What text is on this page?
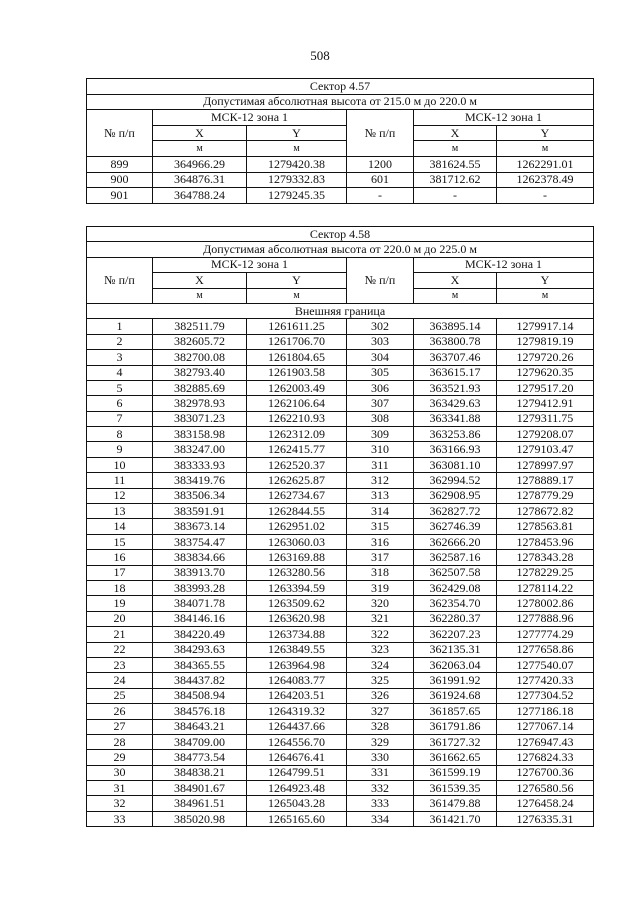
508
Сектор 4.57					
Допустимая абсолютная высота от 215.0 м до 220.0 м					
№ п/п	МСК-12 зона 1		№ п/п	МСК-12 зона 1	
	X	Y		X	Y
	м	м		м	м
899	364966.29	1279420.38	1200	381624.55	1262291.01
900	364876.31	1279332.83	601	381712.62	1262378.49
901	364788.24	1279245.35	-	-	-
Сектор 4.58					
Допустимая абсолютная высота от 220.0 м до 225.0 м					
№ п/п	МСК-12 зона 1		№ п/п	МСК-12 зона 1	
	X	Y		X	Y
	м	м		м	м
Внешняя граница					
1	382511.79	1261611.25	302	363895.14	1279917.14
2	382605.72	1261706.70	303	363800.78	1279819.19
3	382700.08	1261804.65	304	363707.46	1279720.26
4	382793.40	1261903.58	305	363615.17	1279620.35
5	382885.69	1262003.49	306	363521.93	1279517.20
6	382978.93	1262106.64	307	363429.63	1279412.91
7	383071.23	1262210.93	308	363341.88	1279311.75
8	383158.98	1262312.09	309	363253.86	1279208.07
9	383247.00	1262415.77	310	363166.93	1279103.47
10	383333.93	1262520.37	311	363081.10	1278997.97
11	383419.76	1262625.87	312	362994.52	1278889.17
12	383506.34	1262734.67	313	362908.95	1278779.29
13	383591.91	1262844.55	314	362827.72	1278672.82
14	383673.14	1262951.02	315	362746.39	1278563.81
15	383754.47	1263060.03	316	362666.20	1278453.96
16	383834.66	1263169.88	317	362587.16	1278343.28
17	383913.70	1263280.56	318	362507.58	1278229.25
18	383993.28	1263394.59	319	362429.08	1278114.22
19	384071.78	1263509.62	320	362354.70	1278002.86
20	384146.16	1263620.98	321	362280.37	1277888.96
21	384220.49	1263734.88	322	362207.23	1277774.29
22	384293.63	1263849.55	323	362135.31	1277658.86
23	384365.55	1263964.98	324	362063.04	1277540.07
24	384437.82	1264083.77	325	361991.92	1277420.33
25	384508.94	1264203.51	326	361924.68	1277304.52
26	384576.18	1264319.32	327	361857.65	1277186.18
27	384643.21	1264437.66	328	361791.86	1277067.14
28	384709.00	1264556.70	329	361727.32	1276947.43
29	384773.54	1264676.41	330	361662.65	1276824.33
30	384838.21	1264799.51	331	361599.19	1276700.36
31	384901.67	1264923.48	332	361539.35	1276580.56
32	384961.51	1265043.28	333	361479.88	1276458.24
33	385020.98	1265165.60	334	361421.70	1276335.31
